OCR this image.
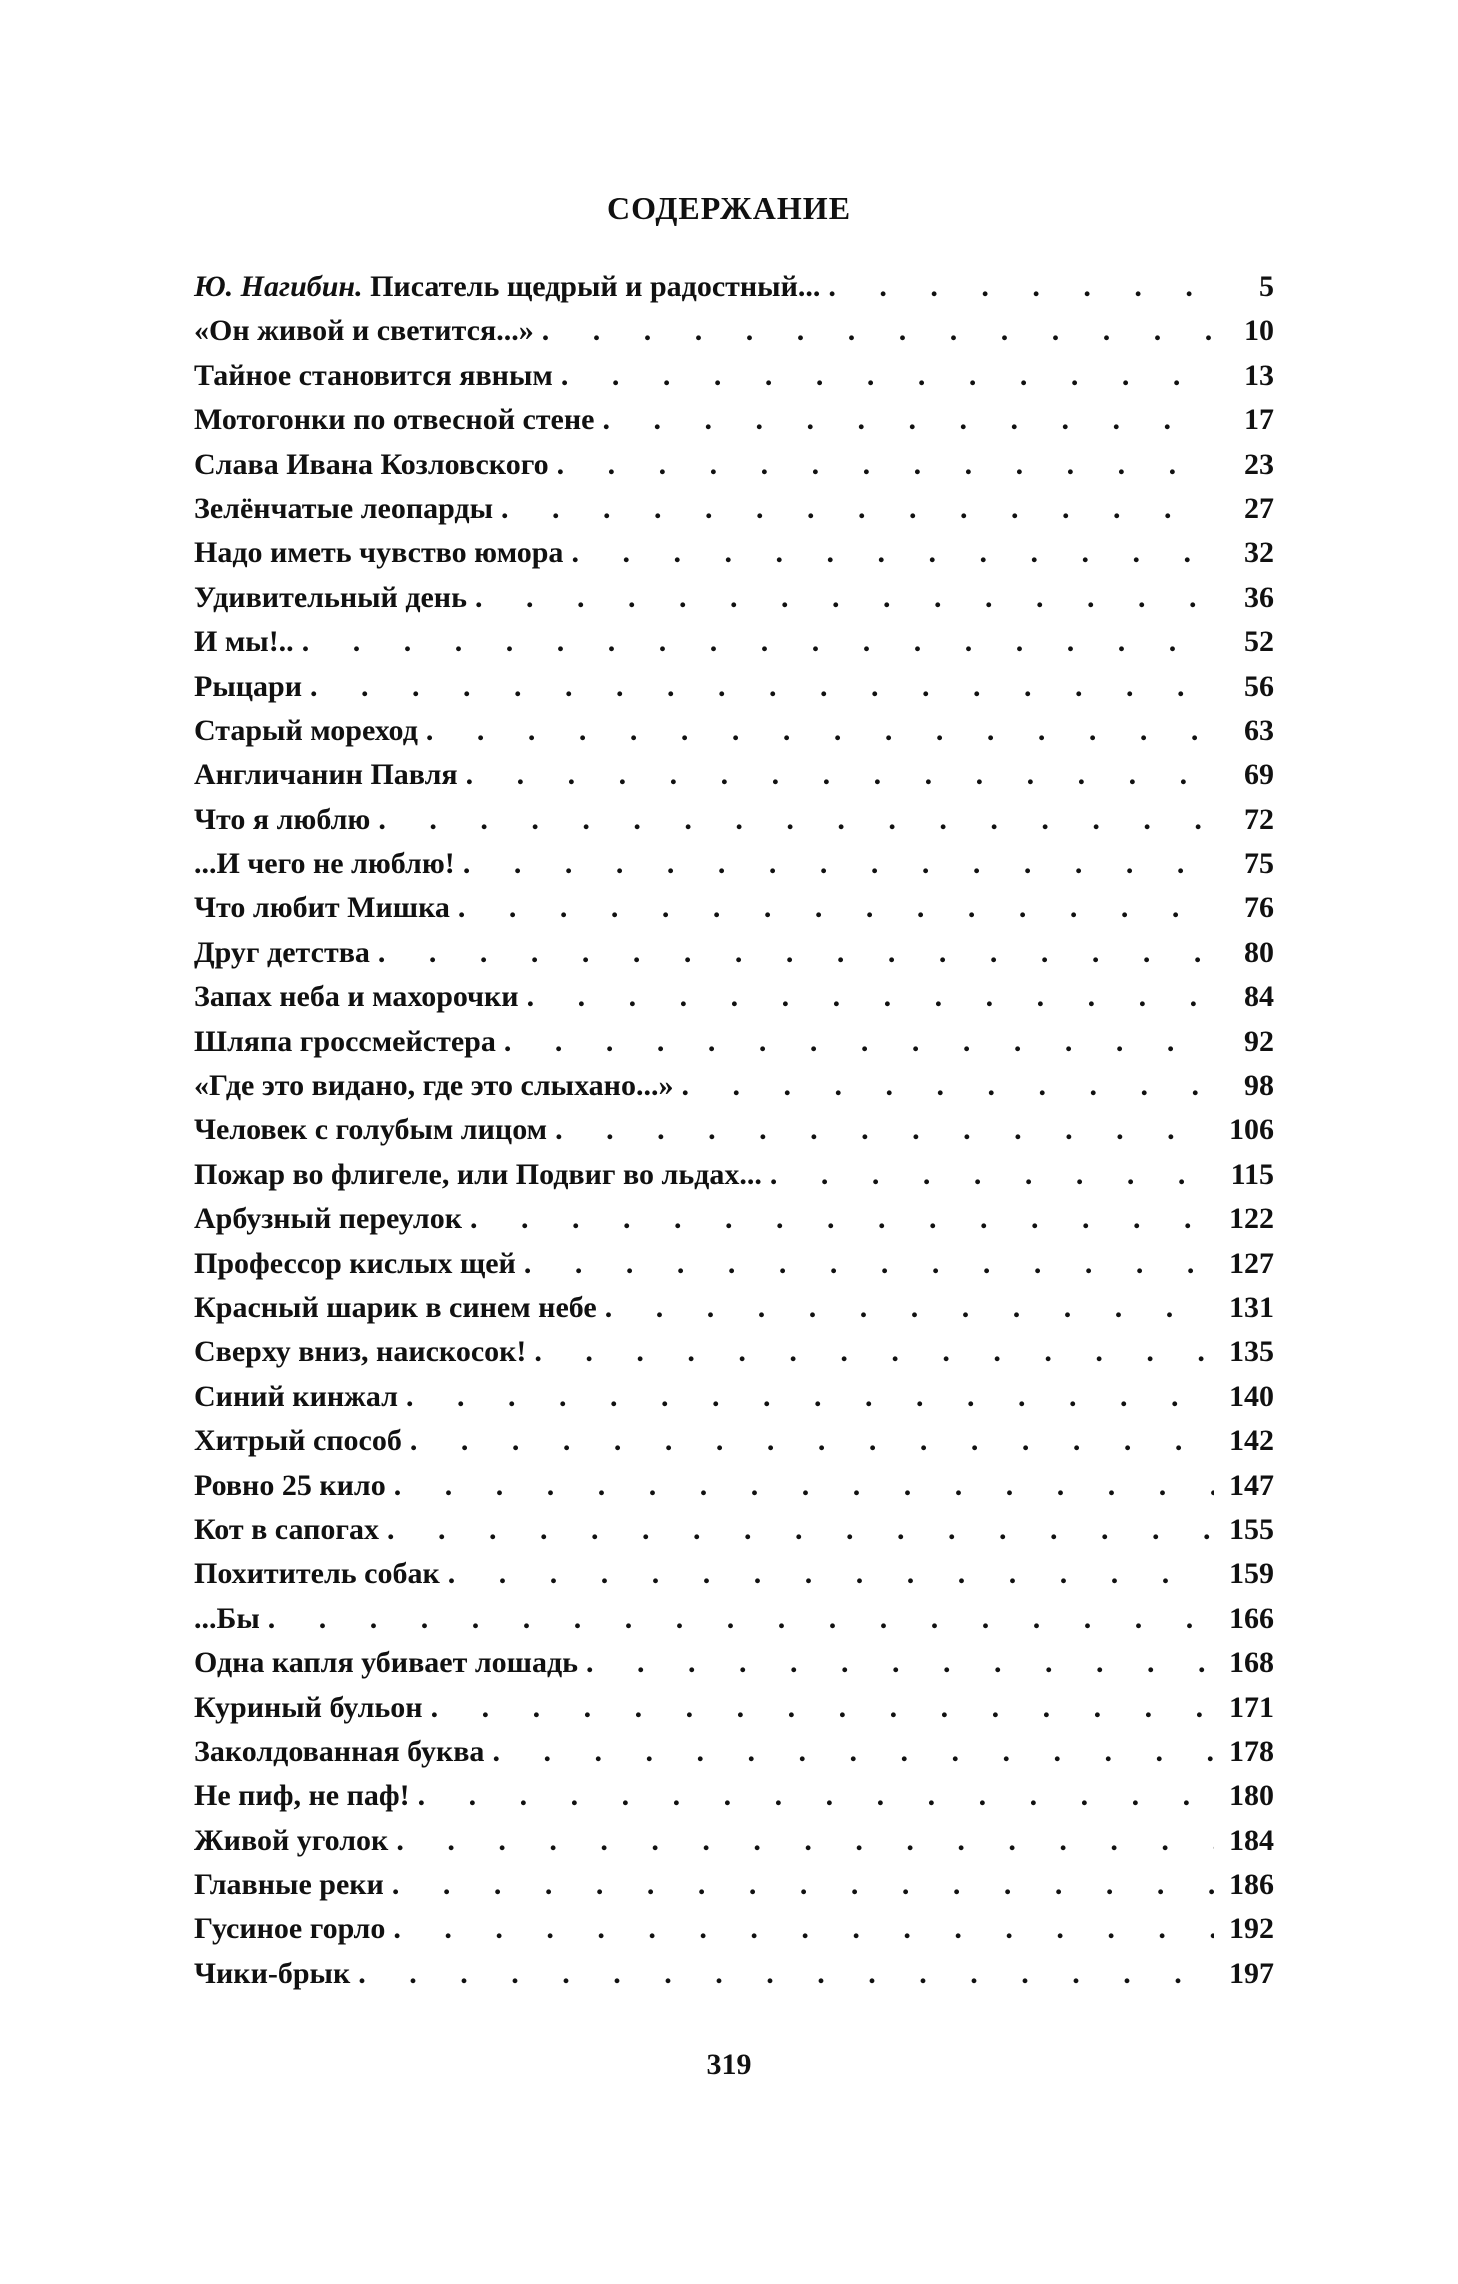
СОДЕРЖАНИЕ
Ю. Нагибин. Писатель щедрый и радостный... . . .	5
«Он живой и светится...» . . .	10
Тайное становится явным . . .	13
Мотогонки по отвесной стене . . .	17
Слава Ивана Козловского . . .	23
Зелёнчатые леопарды . . .	27
Надо иметь чувство юмора . . .	32
Удивительный день . . .	36
И мы!.. . . .	52
Рыцари . . .	56
Старый мореход . . .	63
Англичанин Павля . . .	69
Что я люблю . . .	72
...И чего не люблю! . . .	75
Что любит Мишка . . .	76
Друг детства . . .	80
Запах неба и махорочки . . .	84
Шляпа гроссмейстера . . .	92
«Где это видано, где это слыхано...» . . .	98
Человек с голубым лицом . . .	106
Пожар во флигеле, или Подвиг во льдах... . . .	115
Арбузный переулок . . .	122
Профессор кислых щей . . .	127
Красный шарик в синем небе . . .	131
Сверху вниз, наискосок! . . .	135
Синий кинжал . . .	140
Хитрый способ . . .	142
Ровно 25 кило . . .	147
Кот в сапогах . . .	155
Похититель собак . . .	159
...Бы . . .	166
Одна капля убивает лошадь . . .	168
Куриный бульон . . .	171
Заколдованная буква . . .	178
Не пиф, не паф! . . .	180
Живой уголок . . .	184
Главные реки . . .	186
Гусиное горло . . .	192
Чики-брык . . .	197
319
